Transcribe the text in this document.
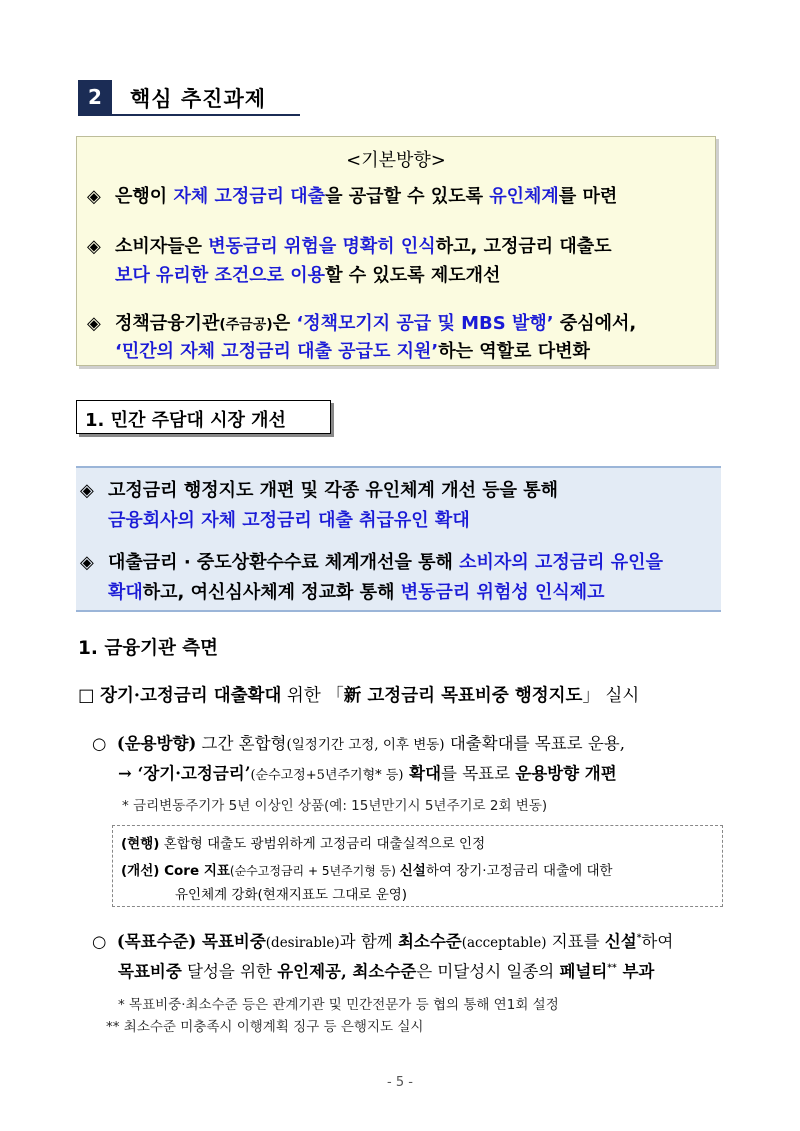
2	핵심 추진과제
<기본방향>
◈ 은행이 자체 고정금리 대출을 공급할 수 있도록 유인체계를 마련
◈ 소비자들은 변동금리 위험을 명확히 인식하고, 고정금리 대출도
보다 유리한 조건으로 이용할 수 있도록 제도개선
◈ 정책금융기관(주금공)은 ‘정책모기지 공급 및 MBS 발행’ 중심에서,
‘민간의 자체 고정금리 대출 공급도 지원’하는 역할로 다변화
1. 민간 주담대 시장 개선
◈ 고정금리 행정지도 개편 및 각종 유인체계 개선 등을 통해
금융회사의 자체 고정금리 대출 취급유인 확대
◈ 대출금리 · 중도상환수수료 체계개선을 통해 소비자의 고정금리 유인을
확대하고, 여신심사체계 정교화 통해 변동금리 위험성 인식제고
1. 금융기관 측면
□ 장기·고정금리 대출확대 위한 「新 고정금리 목표비중 행정지도」 실시
○ (운용방향) 그간 혼합형(일정기간 고정, 이후 변동) 대출확대를 목표로 운용,
→ ‘장기·고정금리’(순수고정+5년주기형* 등) 확대를 목표로 운용방향 개편
* 금리변동주기가 5년 이상인 상품(예: 15년만기시 5년주기로 2회 변동)
(현행) 혼합형 대출도 광범위하게 고정금리 대출실적으로 인정
(개선) Core 지표(순수고정금리 + 5년주기형 등) 신설하여 장기·고정금리 대출에 대한
유인체계 강화(현재지표도 그대로 운영)
○ (목표수준) 목표비중(desirable)과 함께 최소수준(acceptable) 지표를 신설*하여
목표비중 달성을 위한 유인제공, 최소수준은 미달성시 일종의 페널티** 부과
* 목표비중·최소수준 등은 관계기관 및 민간전문가 등 협의 통해 연1회 설정
** 최소수준 미충족시 이행계획 징구 등 은행지도 실시
- 5 -
